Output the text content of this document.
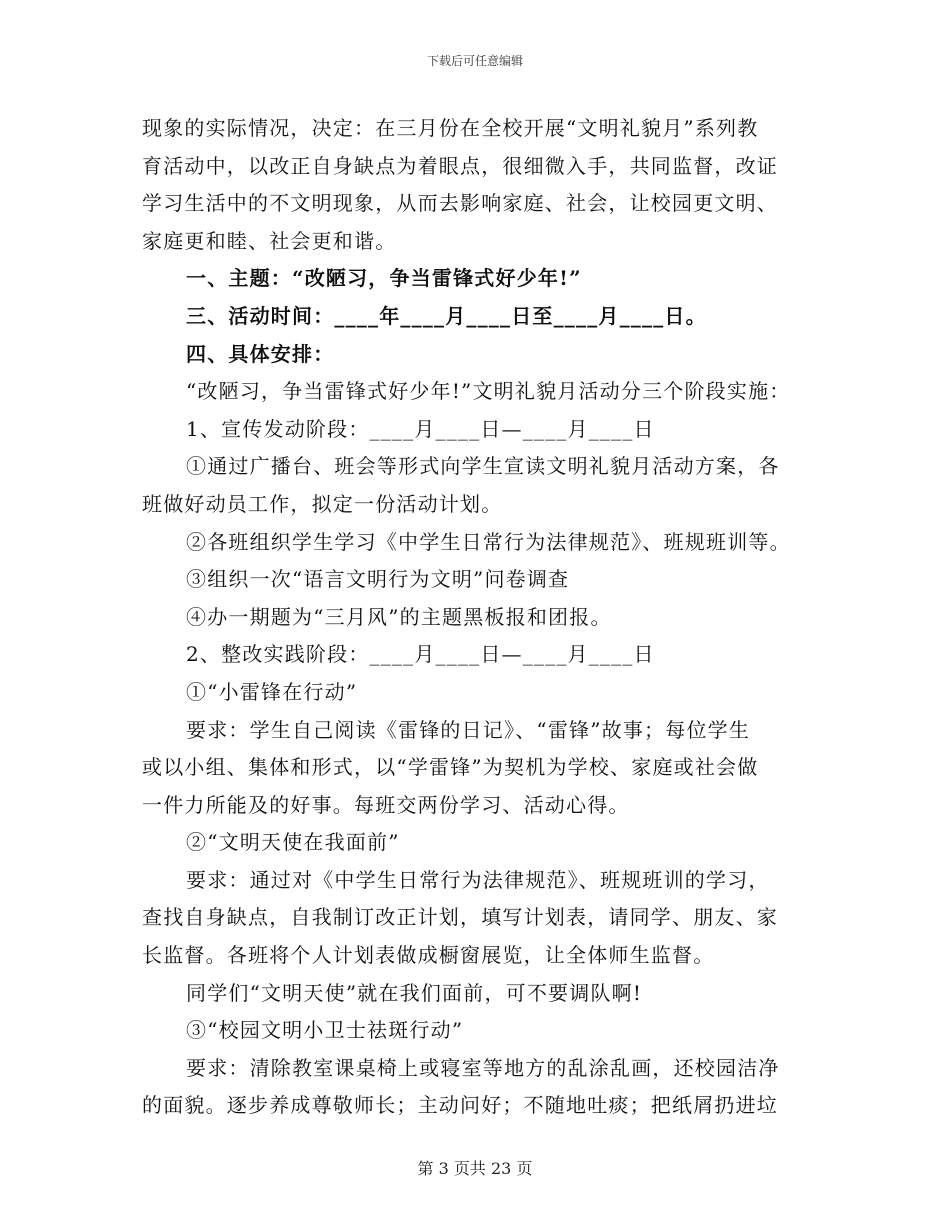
下载后可任意编辑
现象的实际情况，决定：在三月份在全校开展“文明礼貌月”系列教
育活动中，以改正自身缺点为着眼点，很细微入手，共同监督，改证
学习生活中的不文明现象，从而去影响家庭、社会，让校园更文明、
家庭更和睦、社会更和谐。
一、主题：“改陋习，争当雷锋式好少年!”
三、活动时间：____年____月____日至____月____日。
四、具体安排：
“改陋习，争当雷锋式好少年!”文明礼貌月活动分三个阶段实施：
1、宣传发动阶段：____月____日—____月____日
①通过广播台、班会等形式向学生宣读文明礼貌月活动方案，各
班做好动员工作，拟定一份活动计划。
②各班组织学生学习《中学生日常行为法律规范》、班规班训等。
③组织一次“语言文明行为文明”问卷调查
④办一期题为“三月风”的主题黑板报和团报。
2、整改实践阶段：____月____日—____月____日
①“小雷锋在行动”
要求：学生自己阅读《雷锋的日记》、“雷锋”故事；每位学生
或以小组、集体和形式，以“学雷锋”为契机为学校、家庭或社会做
一件力所能及的好事。每班交两份学习、活动心得。
②“文明天使在我面前”
要求：通过对《中学生日常行为法律规范》、班规班训的学习，
查找自身缺点，自我制订改正计划，填写计划表，请同学、朋友、家
长监督。各班将个人计划表做成橱窗展览，让全体师生监督。
同学们“文明天使”就在我们面前，可不要调队啊!
③“校园文明小卫士祛斑行动”
要求：清除教室课桌椅上或寝室等地方的乱涂乱画，还校园洁净
的面貌。逐步养成尊敬师长；主动问好；不随地吐痰；把纸屑扔进垃
第 3 页共 23 页
